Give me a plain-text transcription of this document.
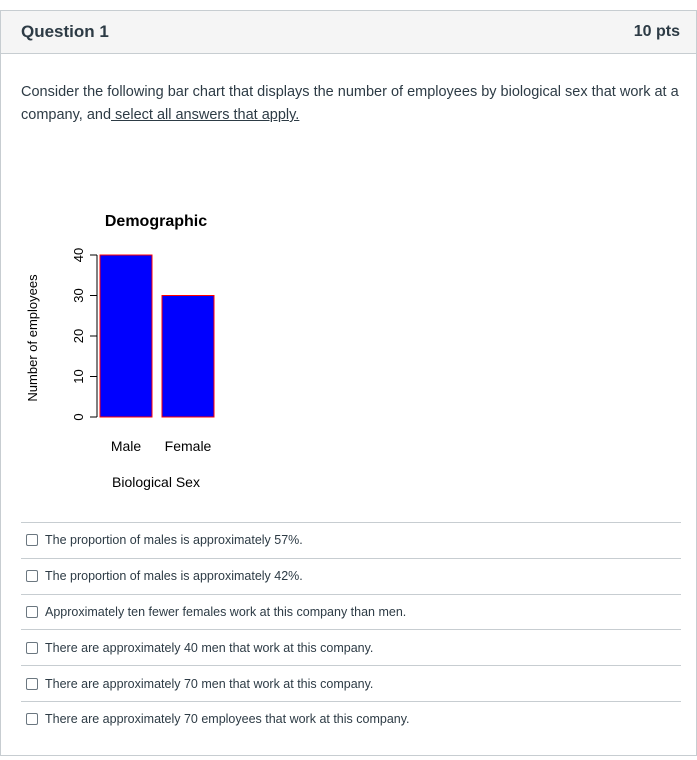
Question 1	10 pts
Consider the following bar chart that displays the number of employees by biological sex that work at a company, and select all answers that apply.
Demographic
Number of employees
Biological Sex
0
10
20
30
40
Male Female
The proportion of males is approximately 57%.
The proportion of males is approximately 42%.
Approximately ten fewer females work at this company than men.
There are approximately 40 men that work at this company.
There are approximately 70 men that work at this company.
There are approximately 70 employees that work at this company.
